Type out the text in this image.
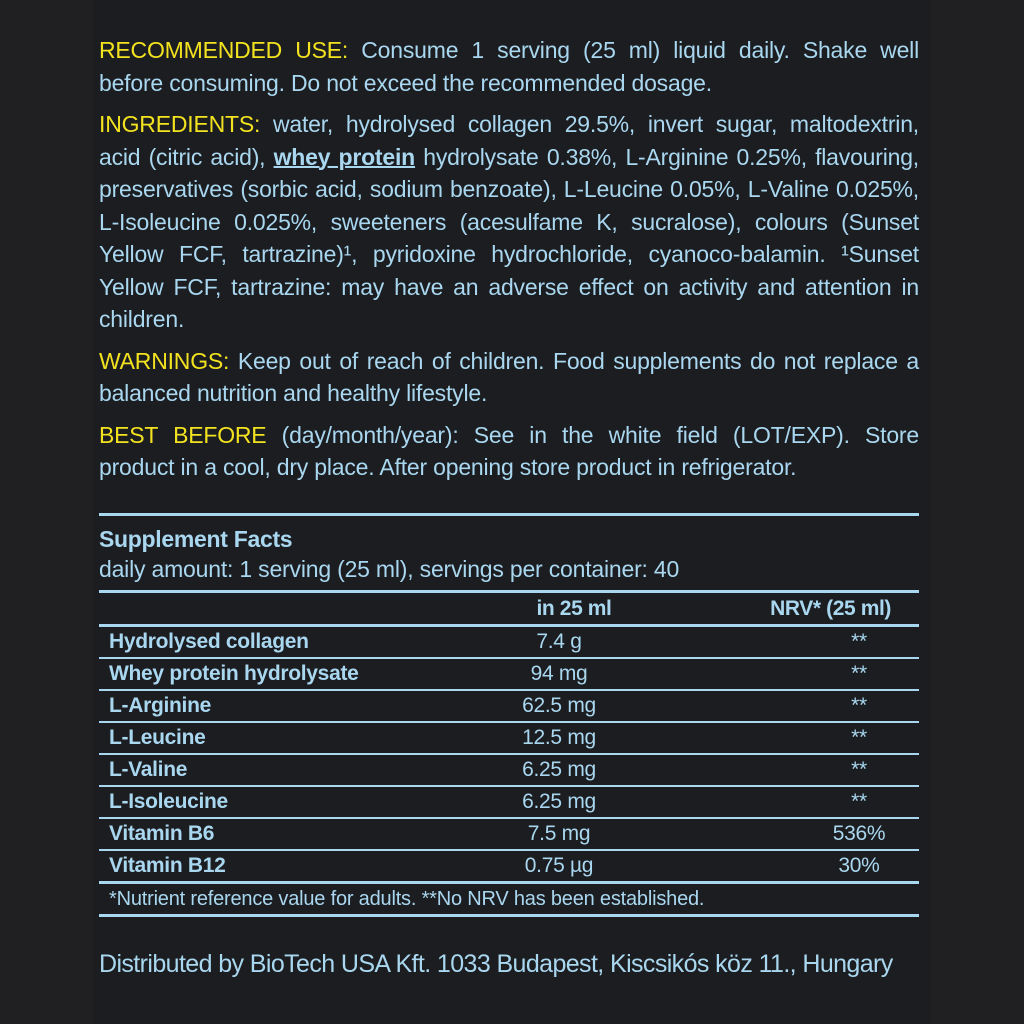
RECOMMENDED USE: Consume 1 serving (25 ml) liquid daily. Shake well before consuming. Do not exceed the recommended dosage.

INGREDIENTS: water, hydrolysed collagen 29.5%, invert sugar, maltodextrin, acid (citric acid), whey protein hydrolysate 0.38%, L-Arginine 0.25%, flavouring, preservatives (sorbic acid, sodium benzoate), L-Leucine 0.05%, L-Valine 0.025%, L-Isoleucine 0.025%, sweeteners (acesulfame K, sucralose), colours (Sunset Yellow FCF, tartrazine)¹, pyridoxine hydrochloride, cyanoco-balamin. ¹Sunset Yellow FCF, tartrazine: may have an adverse effect on activity and attention in children.

WARNINGS: Keep out of reach of children. Food supplements do not replace a balanced nutrition and healthy lifestyle.

BEST BEFORE (day/month/year): See in the white field (LOT/EXP). Store product in a cool, dry place. After opening store product in refrigerator.

Supplement Facts
daily amount: 1 serving (25 ml), servings per container: 40
	in 25 ml	NRV* (25 ml)
Hydrolysed collagen	7.4 g	**
Whey protein hydrolysate	94 mg	**
L-Arginine	62.5 mg	**
L-Leucine	12.5 mg	**
L-Valine	6.25 mg	**
L-Isoleucine	6.25 mg	**
Vitamin B6	7.5 mg	536%
Vitamin B12	0.75 µg	30%
*Nutrient reference value for adults. **No NRV has been established.
Distributed by BioTech USA Kft. 1033 Budapest, Kiscsikós köz 11., Hungary
